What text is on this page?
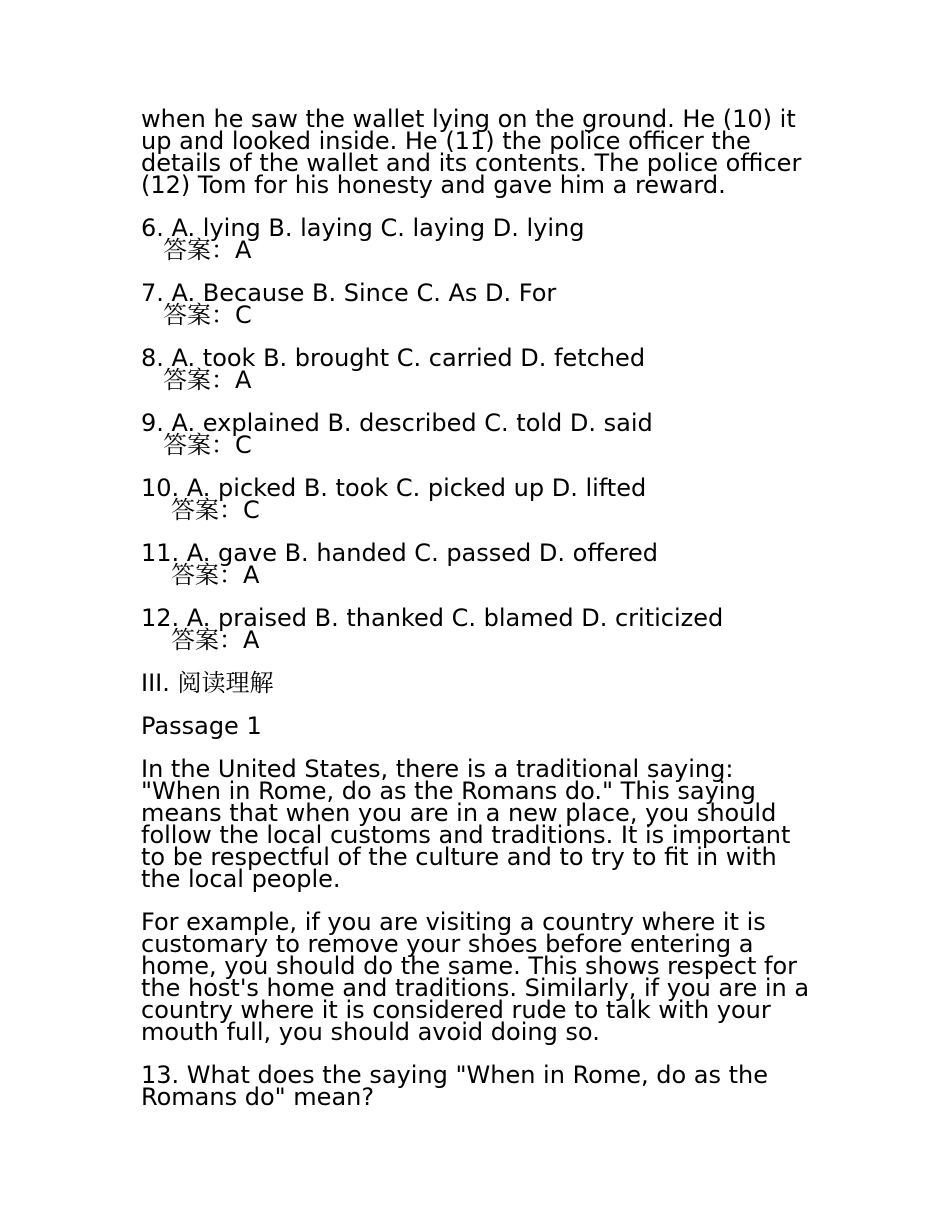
when he saw the wallet lying on the ground. He (10) it up and looked inside. He (11) the police officer the details of the wallet and its contents. The police officer (12) Tom for his honesty and gave him a reward.

6. A. lying B. laying C. laying D. lying
答案：A
7. A. Because B. Since C. As D. For
答案：C
8. A. took B. brought C. carried D. fetched
答案：A
9. A. explained B. described C. told D. said
答案：C
10. A. picked B. took C. picked up D. lifted
答案：C
11. A. gave B. handed C. passed D. offered
答案：A
12. A. praised B. thanked C. blamed D. criticized
答案：A

III. 阅读理解

Passage 1

In the United States, there is a traditional saying: "When in Rome, do as the Romans do." This saying means that when you are in a new place, you should follow the local customs and traditions. It is important to be respectful of the culture and to try to fit in with the local people.

For example, if you are visiting a country where it is customary to remove your shoes before entering a home, you should do the same. This shows respect for the host's home and traditions. Similarly, if you are in a country where it is considered rude to talk with your mouth full, you should avoid doing so.

13. What does the saying "When in Rome, do as the Romans do" mean?
